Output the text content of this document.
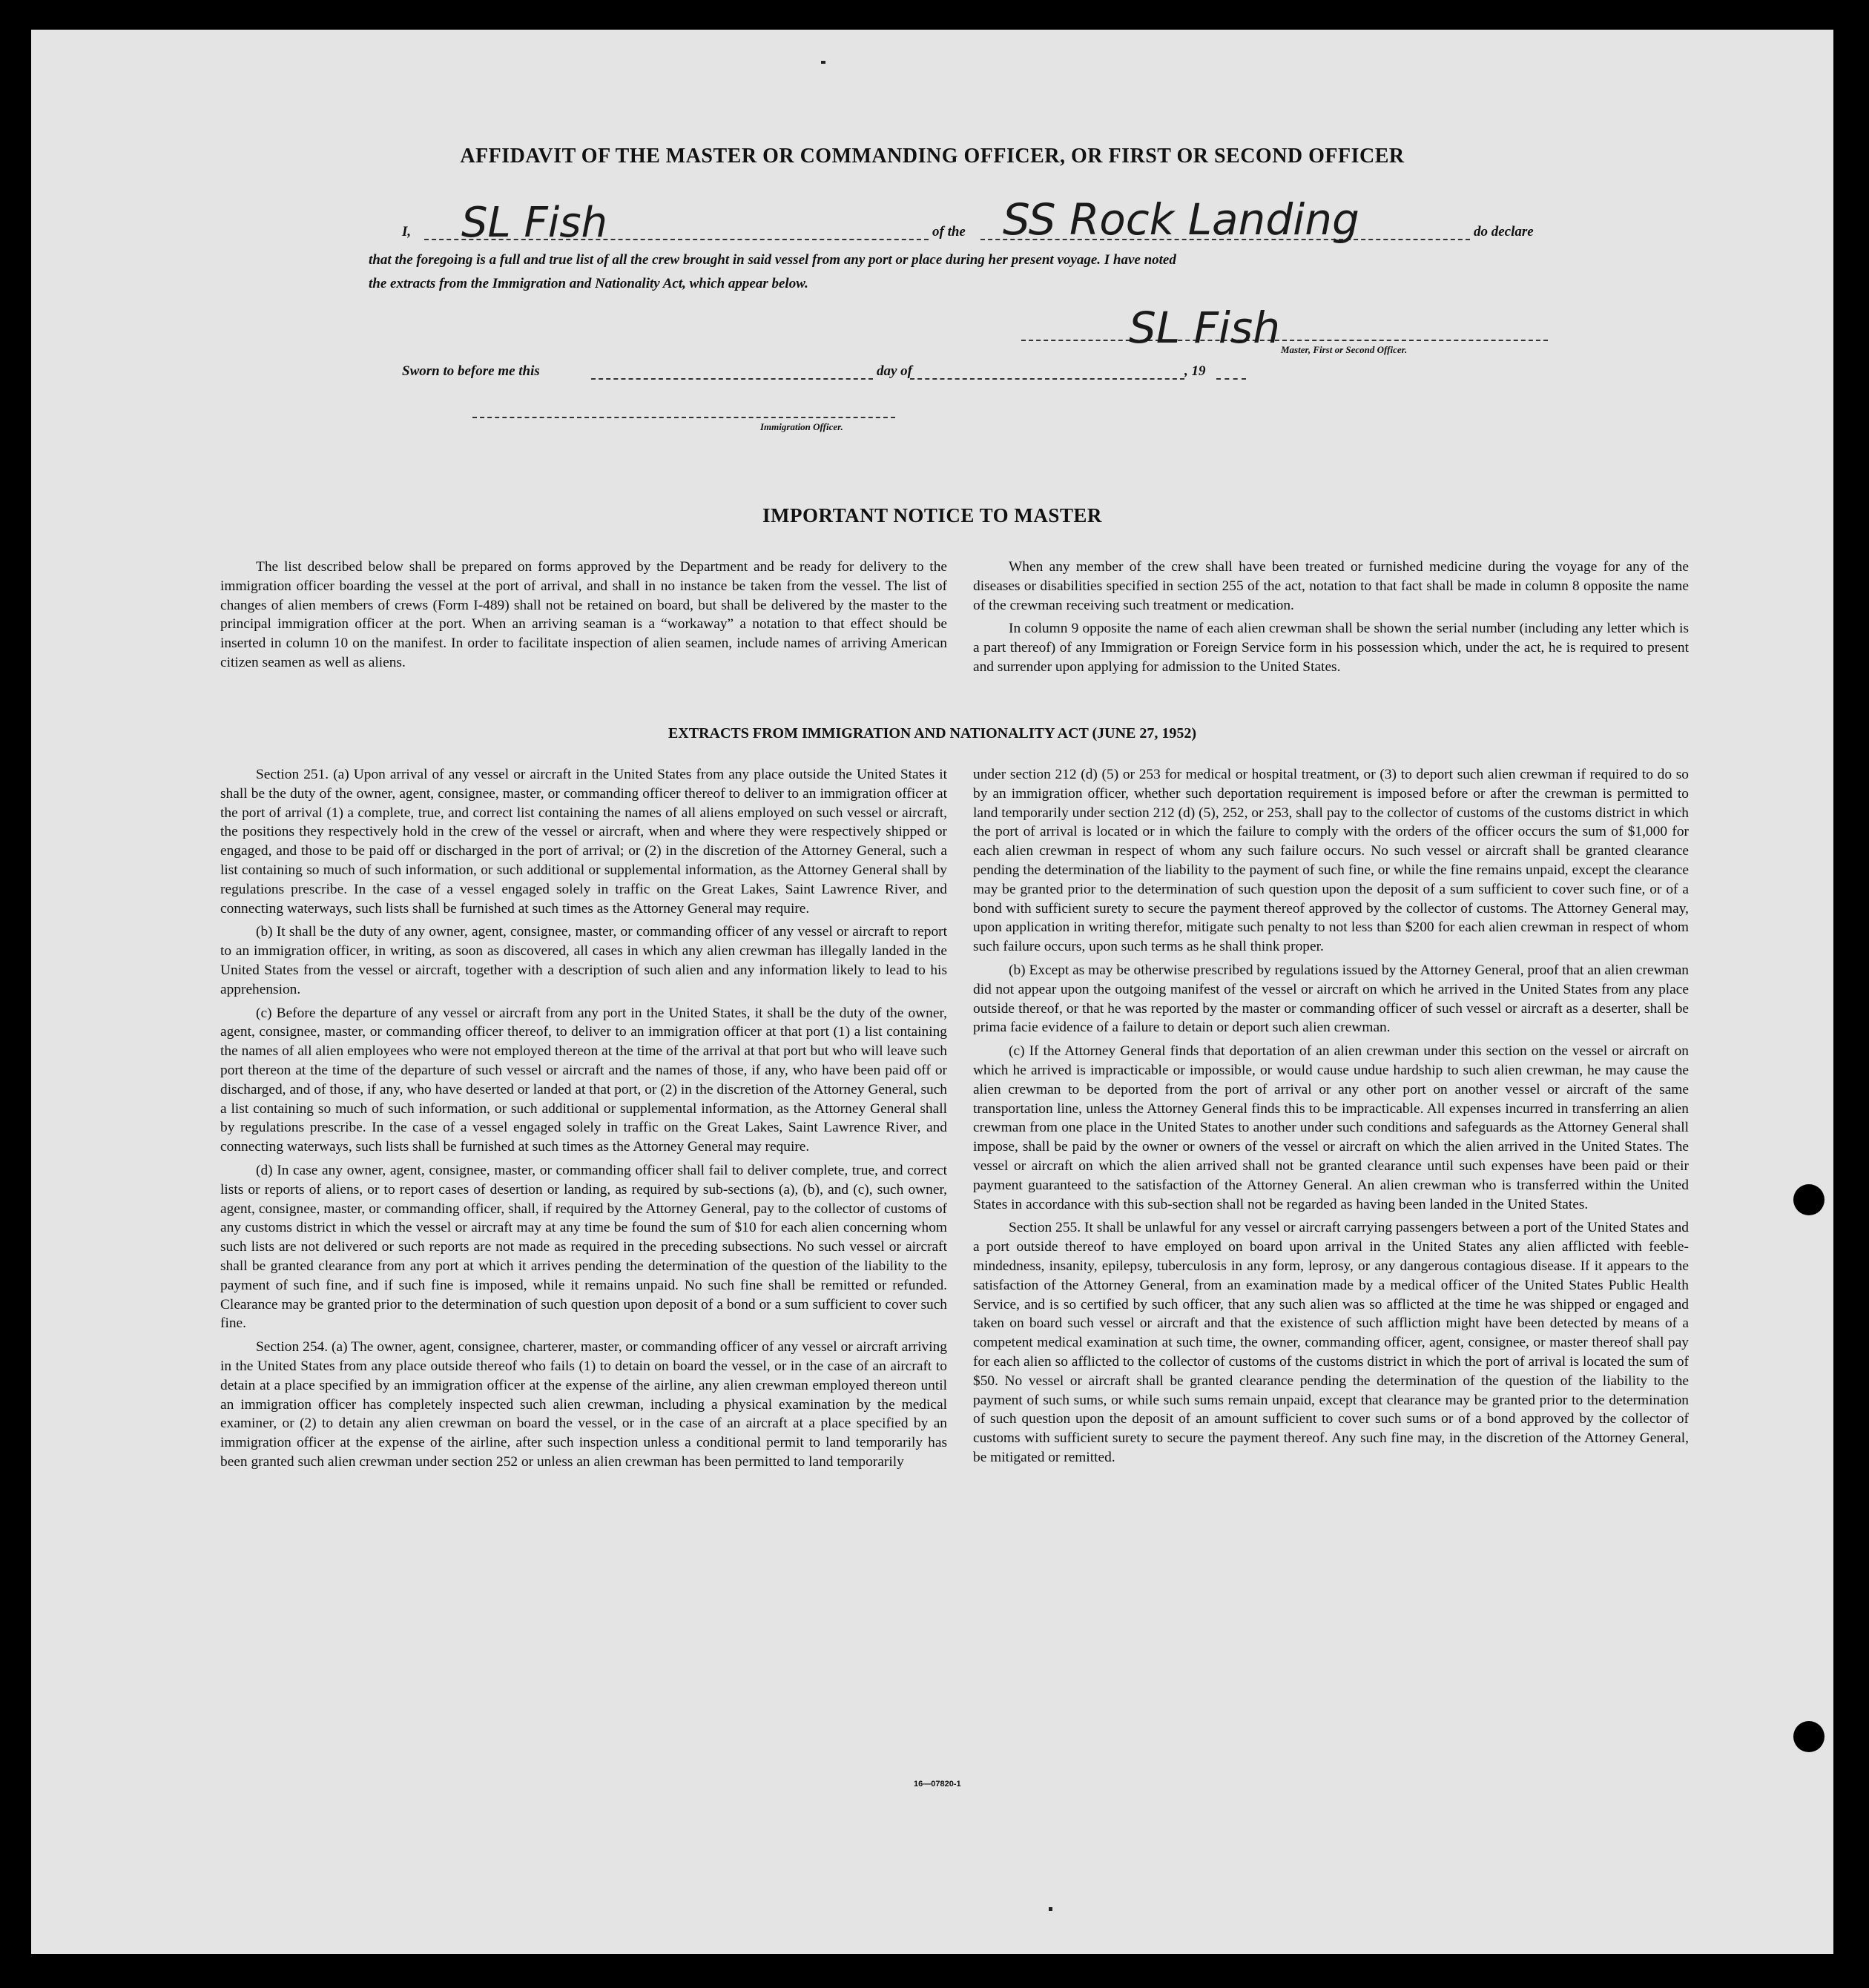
AFFIDAVIT OF THE MASTER OR COMMANDING OFFICER, OR FIRST OR SECOND OFFICER
I, SL Fish	of the SS Rock Landing	do declare
that the foregoing is a full and true list of all the crew brought in said vessel from any port or place during her present voyage. I have noted
the extracts from the Immigration and Nationality Act, which appear below.
SL Fish Master, First or Second Officer.
Sworn to before me this	day of	, 19
Immigration Officer.
IMPORTANT NOTICE TO MASTER

The list described below shall be prepared on forms approved by the Department and be ready for delivery to the immigration officer boarding the vessel at the port of arrival, and shall in no instance be taken from the vessel. The list of changes of alien members of crews (Form I-489) shall not be retained on board, but shall be delivered by the master to the principal immigration officer at the port. When an arriving seaman is a “workaway” a notation to that effect should be inserted in column 10 on the manifest. In order to facilitate inspection of alien seamen, include names of arriving American citizen seamen as well as aliens.

When any member of the crew shall have been treated or furnished medicine during the voyage for any of the diseases or disabilities specified in section 255 of the act, notation to that fact shall be made in column 8 opposite the name of the crewman receiving such treatment or medication.

In column 9 opposite the name of each alien crewman shall be shown the serial number (including any letter which is a part thereof) of any Immigration or Foreign Service form in his possession which, under the act, he is required to present and surrender upon applying for admission to the United States.

EXTRACTS FROM IMMIGRATION AND NATIONALITY ACT (JUNE 27, 1952)

Section 251. (a) Upon arrival of any vessel or aircraft in the United States from any place outside the United States it shall be the duty of the owner, agent, consignee, master, or commanding officer thereof to deliver to an immigration officer at the port of arrival (1) a complete, true, and correct list containing the names of all aliens employed on such vessel or aircraft, the positions they respectively hold in the crew of the vessel or aircraft, when and where they were respectively shipped or engaged, and those to be paid off or discharged in the port of arrival; or (2) in the discretion of the Attorney General, such a list containing so much of such information, or such additional or supplemental information, as the Attorney General shall by regulations prescribe. In the case of a vessel engaged solely in traffic on the Great Lakes, Saint Lawrence River, and connecting waterways, such lists shall be furnished at such times as the Attorney General may require.

(b) It shall be the duty of any owner, agent, consignee, master, or commanding officer of any vessel or aircraft to report to an immigration officer, in writing, as soon as discovered, all cases in which any alien crewman has illegally landed in the United States from the vessel or aircraft, together with a description of such alien and any information likely to lead to his apprehension.

(c) Before the departure of any vessel or aircraft from any port in the United States, it shall be the duty of the owner, agent, consignee, master, or commanding officer thereof, to deliver to an immigration officer at that port (1) a list containing the names of all alien employees who were not employed thereon at the time of the arrival at that port but who will leave such port thereon at the time of the departure of such vessel or aircraft and the names of those, if any, who have been paid off or discharged, and of those, if any, who have deserted or landed at that port, or (2) in the discretion of the Attorney General, such a list containing so much of such information, or such additional or supplemental information, as the Attorney General shall by regulations prescribe. In the case of a vessel engaged solely in traffic on the Great Lakes, Saint Lawrence River, and connecting waterways, such lists shall be furnished at such times as the Attorney General may require.

(d) In case any owner, agent, consignee, master, or commanding officer shall fail to deliver complete, true, and correct lists or reports of aliens, or to report cases of desertion or landing, as required by sub-sections (a), (b), and (c), such owner, agent, consignee, master, or commanding officer, shall, if required by the Attorney General, pay to the collector of customs of any customs district in which the vessel or aircraft may at any time be found the sum of $10 for each alien concerning whom such lists are not delivered or such reports are not made as required in the preceding subsections. No such vessel or aircraft shall be granted clearance from any port at which it arrives pending the determination of the question of the liability to the payment of such fine, and if such fine is imposed, while it remains unpaid. No such fine shall be remitted or refunded. Clearance may be granted prior to the determination of such question upon deposit of a bond or a sum sufficient to cover such fine.

Section 254. (a) The owner, agent, consignee, charterer, master, or commanding officer of any vessel or aircraft arriving in the United States from any place outside thereof who fails (1) to detain on board the vessel, or in the case of an aircraft to detain at a place specified by an immigration officer at the expense of the airline, any alien crewman employed thereon until an immigration officer has completely inspected such alien crewman, including a physical examination by the medical examiner, or (2) to detain any alien crewman on board the vessel, or in the case of an aircraft at a place specified by an immigration officer at the expense of the airline, after such inspection unless a conditional permit to land temporarily has been granted such alien crewman under section 252 or unless an alien crewman has been permitted to land temporarily

under section 212 (d) (5) or 253 for medical or hospital treatment, or (3) to deport such alien crewman if required to do so by an immigration officer, whether such deportation requirement is imposed before or after the crewman is permitted to land temporarily under section 212 (d) (5), 252, or 253, shall pay to the collector of customs of the customs district in which the port of arrival is located or in which the failure to comply with the orders of the officer occurs the sum of $1,000 for each alien crewman in respect of whom any such failure occurs. No such vessel or aircraft shall be granted clearance pending the determination of the liability to the payment of such fine, or while the fine remains unpaid, except the clearance may be granted prior to the determination of such question upon the deposit of a sum sufficient to cover such fine, or of a bond with sufficient surety to secure the payment thereof approved by the collector of customs. The Attorney General may, upon application in writing therefor, mitigate such penalty to not less than $200 for each alien crewman in respect of whom such failure occurs, upon such terms as he shall think proper.

(b) Except as may be otherwise prescribed by regulations issued by the Attorney General, proof that an alien crewman did not appear upon the outgoing manifest of the vessel or aircraft on which he arrived in the United States from any place outside thereof, or that he was reported by the master or commanding officer of such vessel or aircraft as a deserter, shall be prima facie evidence of a failure to detain or deport such alien crewman.

(c) If the Attorney General finds that deportation of an alien crewman under this section on the vessel or aircraft on which he arrived is impracticable or impossible, or would cause undue hardship to such alien crewman, he may cause the alien crewman to be deported from the port of arrival or any other port on another vessel or aircraft of the same transportation line, unless the Attorney General finds this to be impracticable. All expenses incurred in transferring an alien crewman from one place in the United States to another under such conditions and safeguards as the Attorney General shall impose, shall be paid by the owner or owners of the vessel or aircraft on which the alien arrived in the United States. The vessel or aircraft on which the alien arrived shall not be granted clearance until such expenses have been paid or their payment guaranteed to the satisfaction of the Attorney General. An alien crewman who is transferred within the United States in accordance with this sub-section shall not be regarded as having been landed in the United States.

Section 255. It shall be unlawful for any vessel or aircraft carrying passengers between a port of the United States and a port outside thereof to have employed on board upon arrival in the United States any alien afflicted with feeble-mindedness, insanity, epilepsy, tuberculosis in any form, leprosy, or any dangerous contagious disease. If it appears to the satisfaction of the Attorney General, from an examination made by a medical officer of the United States Public Health Service, and is so certified by such officer, that any such alien was so afflicted at the time he was shipped or engaged and taken on board such vessel or aircraft and that the existence of such affliction might have been detected by means of a competent medical examination at such time, the owner, commanding officer, agent, consignee, or master thereof shall pay for each alien so afflicted to the collector of customs of the customs district in which the port of arrival is located the sum of $50. No vessel or aircraft shall be granted clearance pending the determination of the question of the liability to the payment of such sums, or while such sums remain unpaid, except that clearance may be granted prior to the determination of such question upon the deposit of an amount sufficient to cover such sums or of a bond approved by the collector of customs with sufficient surety to secure the payment thereof. Any such fine may, in the discretion of the Attorney General, be mitigated or remitted.

16—07820-1
